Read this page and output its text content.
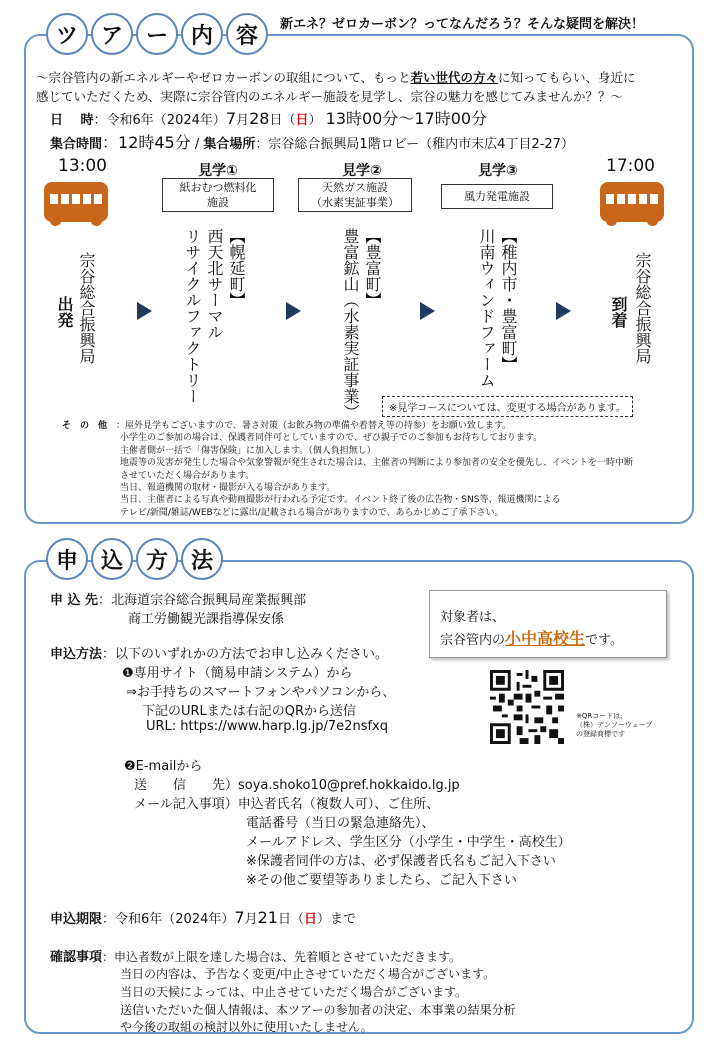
ツ	ア	ー	内	容	新エネ？ゼロカーボン？ってなんだろう？そんな疑問を解決！
～宗谷管内の新エネルギーやゼロカーボンの取組について、もっと若い世代の方々に知ってもらい、身近に
感じていただくため、実際に宗谷管内のエネルギー施設を見学し、宗谷の魅力を感じてみませんか？？～
日　 時：令和6年（2024年）7月28日（日） 13時00分～17時00分
集合時間：12時45分 / 集合場所：宗谷総合振興局1階ロビー（稚内市末広4丁目2-27）
13:00	17:00
見学①
紙おむつ燃料化
施設
見学②
天然ガス施設
（水素実証事業）
見学③
風力発電施設
宗谷総合振興局
出発
【幌延町】
西天北サーマル
リサイクルファクトリー	【豊富町】
豊富鉱山（水素実証事業）	【稚内市・豊富町】
川南ウィンドファーム	宗谷総合振興局
到着
※見学コースについては、変更する場合があります。
そ　の　他 ：屋外見学もございますので、暑さ対策（お飲み物の準備や着替え等の持参）をお願い致します。
小学生のご参加の場合は、保護者同伴可としていますので、ぜひ親子でのご参加もお待ちしております。
主催者側が一括で「傷害保険」に加入します。（個人負担無し）
地震等の災害が発生した場合や気象警報が発生された場合は、主催者の判断により参加者の安全を優先し、イベントを一時中断
させていただく場合があります。
当日、報道機関の取材・撮影が入る場合があります。
当日、主催者による写真や動画撮影が行われる予定です。イベント終了後の広告物・SNS等、報道機関による
テレビ/新聞/雑誌/WEBなどに露出/記載される場合がありますので、あらかじめご了承下さい。
申	込	方	法
申 込 先：北海道宗谷総合振興局産業振興部
商工労働観光課指導保安係	対象者は、
宗谷管内の小中高校生です。
申込方法：以下のいずれかの方法でお申し込みください。
❶専用サイト（簡易申請システム）から
⇒お手持ちのスマートフォンやパソコンから、
下記のURLまたは右記のQRから送信
URL: https://www.harp.lg.jp/7e2nsfxq
※QRコードは、
（株）デンソーウェーブ
の登録商標です
❷E-mailから
送　　信　　先）soya.shoko10@pref.hokkaido.lg.jp
メール記入事項）申込者氏名（複数人可）、ご住所、
電話番号（当日の緊急連絡先）、
メールアドレス、学生区分（小学生・中学生・高校生）
※保護者同伴の方は、必ず保護者氏名もご記入下さい
※その他ご要望等ありましたら、ご記入下さい
申込期限：令和6年（2024年）7月21日（日）まで
確認事項：申込者数が上限を達した場合は、先着順とさせていただきます。
当日の内容は、予告なく変更/中止させていただく場合がございます。
当日の天候によっては、中止させていただく場合がございます。
送信いただいた個人情報は、本ツアーの参加者の決定、本事業の結果分析
や今後の取組の検討以外に使用いたしません。
